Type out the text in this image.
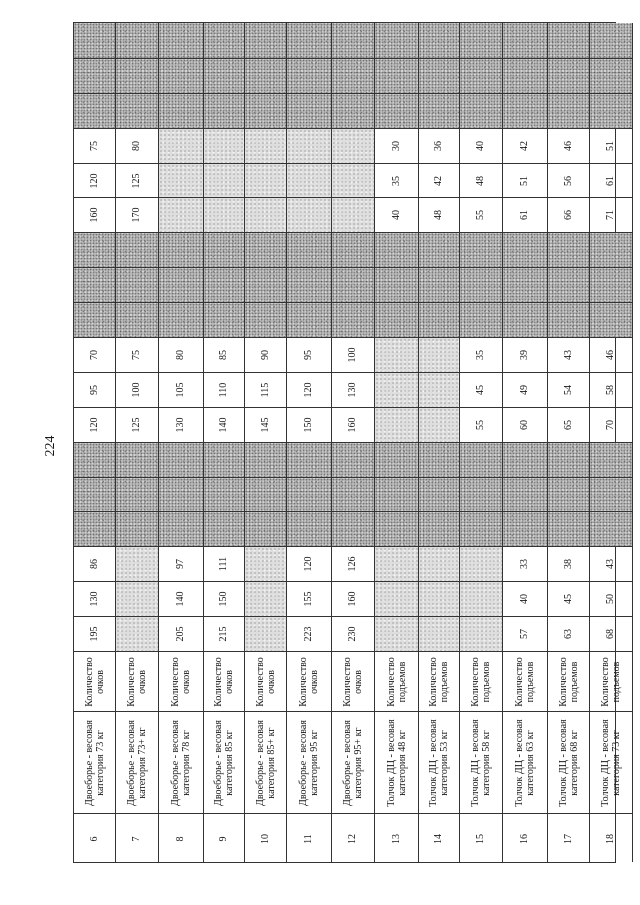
224
6
Двоеборье - весовая категория 73 кг
Количество очков
195
130
86
120
95
70
160
120
75
7
Двоеборье - весовая категория 73+ кг
Количество очков
125
100
75
170
125
80
8
Двоеборье - весовая категория 78 кг
Количество очков
205
140
97
130
105
80
9
Двоеборье - весовая категория 85 кг
Количество очков
215
150
111
140
110
85
10
Двоеборье - весовая категория 85+ кг
Количество очков
145
115
90
11
Двоеборье - весовая категория 95 кг
Количество очков
223
155
120
150
120
95
12
Двоеборье - весовая категория 95+ кг
Количество очков
230
160
126
160
130
100
13
Толчок ДЦ - весовая категория 48 кг
Количество подъемов
40
35
30
14
Толчок ДЦ - весовая категория 53 кг
Количество подъемов
48
42
36
15
Толчок ДЦ - весовая категория 58 кг
Количество подъемов
55
45
35
55
48
40
16
Толчок ДЦ - весовая категория 63 кг
Количество подъемов
57
40
33
60
49
39
61
51
42
17
Толчок ДЦ - весовая категория 68 кг
Количество подъемов
63
45
38
65
54
43
66
56
46
18
Толчок ДЦ - весовая категория 73 кг
Количество подъемов
68
50
43
70
58
46
71
61
51
